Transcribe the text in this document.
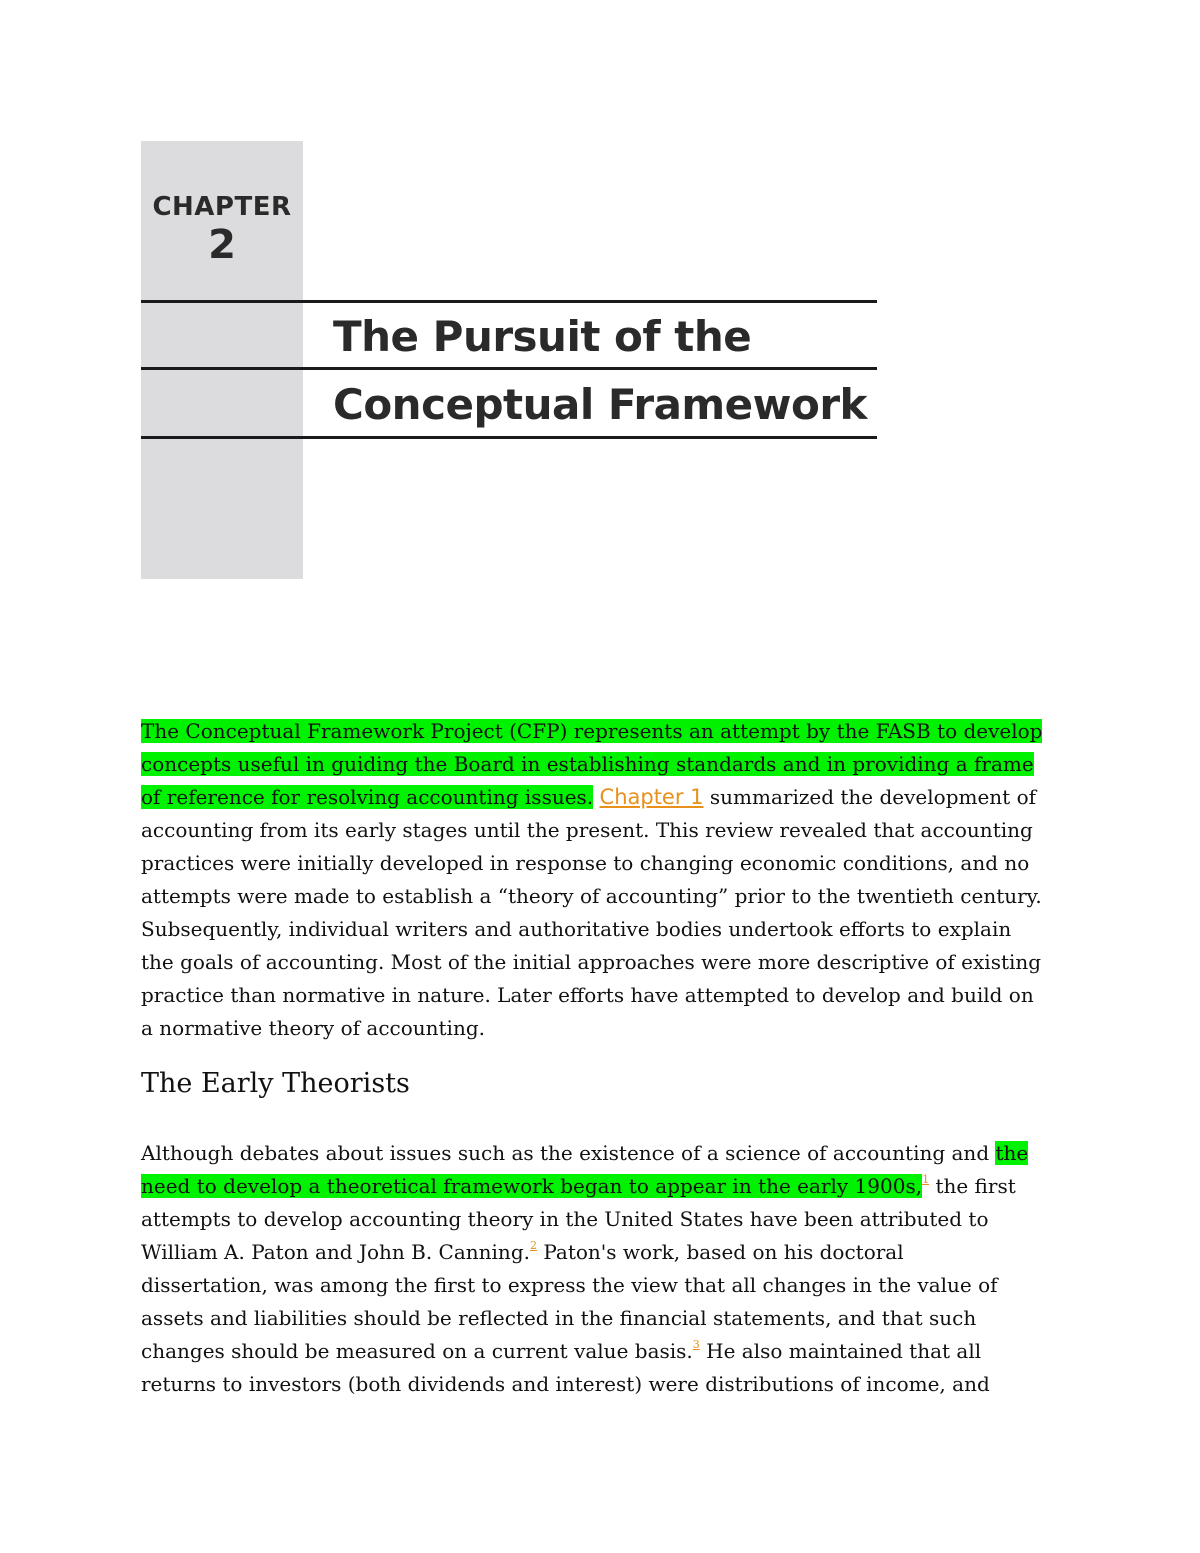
CHAPTER
2
The Pursuit of the
Conceptual Framework
The Conceptual Framework Project (CFP) represents an attempt by the FASB to develop
concepts useful in guiding the Board in establishing standards and in providing a frame
of reference for resolving accounting issues. Chapter 1 summarized the development of
accounting from its early stages until the present. This review revealed that accounting
practices were initially developed in response to changing economic conditions, and no
attempts were made to establish a “theory of accounting” prior to the twentieth century.
Subsequently, individual writers and authoritative bodies undertook efforts to explain
the goals of accounting. Most of the initial approaches were more descriptive of existing
practice than normative in nature. Later efforts have attempted to develop and build on
a normative theory of accounting.
The Early Theorists
Although debates about issues such as the existence of a science of accounting and the
need to develop a theoretical framework began to appear in the early 1900s,$^1$ the first
attempts to develop accounting theory in the United States have been attributed to
William A. Paton and John B. Canning.$^2$ Paton's work, based on his doctoral
dissertation, was among the first to express the view that all changes in the value of
assets and liabilities should be reflected in the financial statements, and that such
changes should be measured on a current value basis.$^3$ He also maintained that all
returns to investors (both dividends and interest) were distributions of income, and
